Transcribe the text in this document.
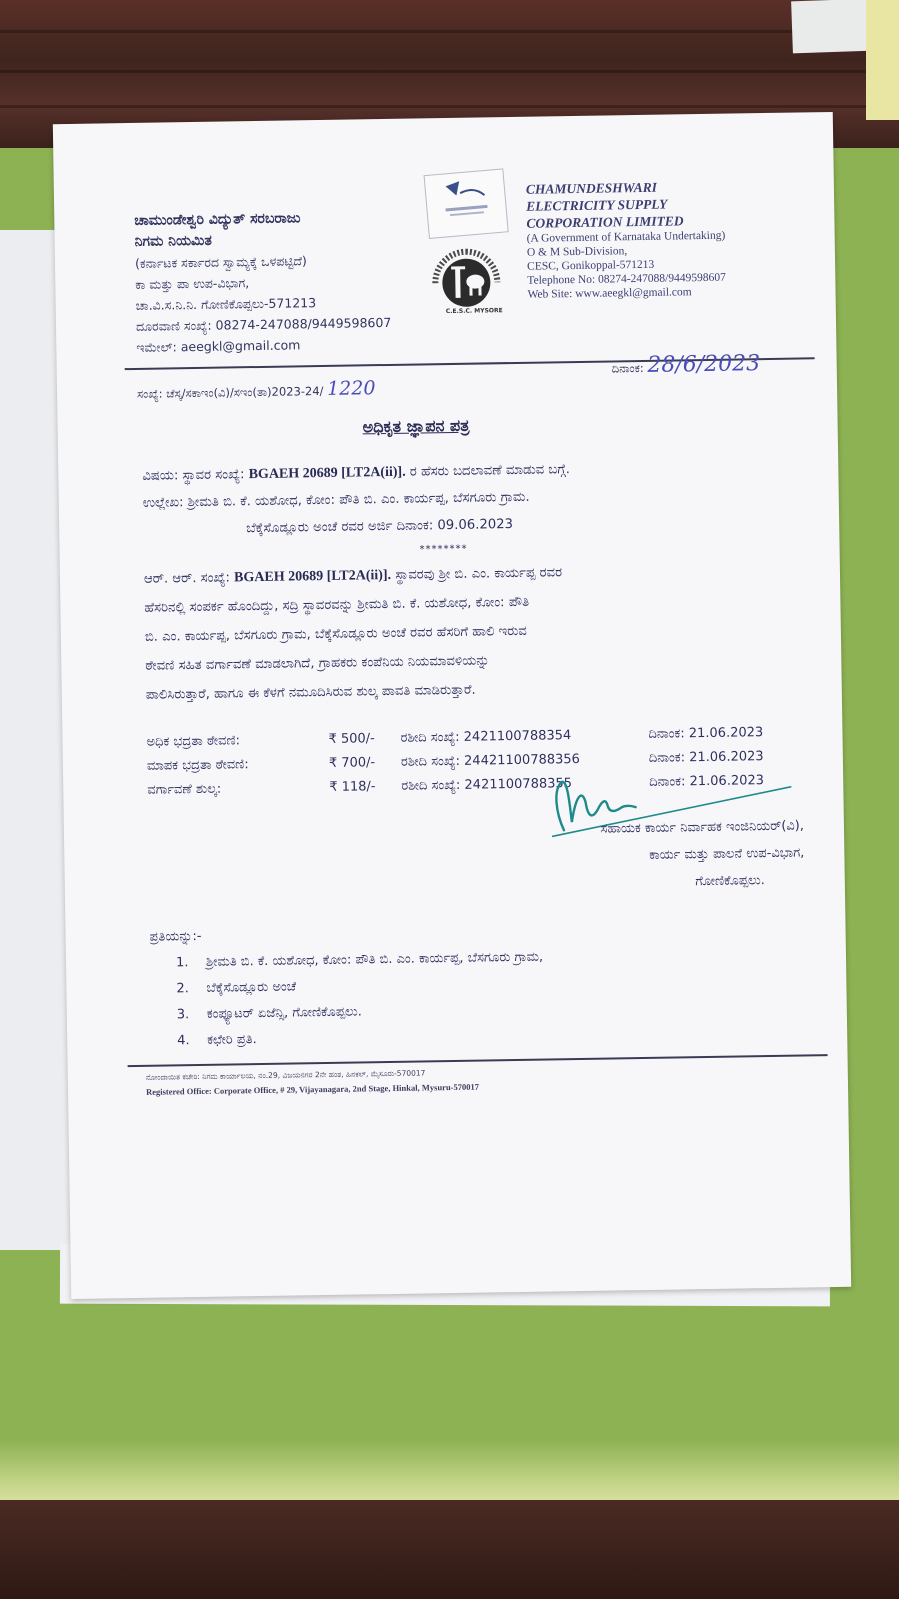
ಚಾಮುಂಡೇಶ್ವರಿ ವಿದ್ಯುತ್ ಸರಬರಾಜು
ನಿಗಮ ನಿಯಮಿತ
(ಕರ್ನಾಟಕ ಸರ್ಕಾರದ ಸ್ವಾಮ್ಯಕ್ಕೆ ಒಳಪಟ್ಟಿದೆ)
ಕಾ ಮತ್ತು ಪಾ ಉಪ-ವಿಭಾಗ,
ಚಾ.ವಿ.ಸ.ನಿ.ನಿ. ಗೋಣಿಕೊಪ್ಪಲು-571213
ದೂರವಾಣಿ ಸಂಖ್ಯೆ: 08274-247088/9449598607
ಇಮೇಲ್: aeegkl@gmail.com
C.E.S.C. MYSORE
CHAMUNDESHWARI
ELECTRICITY SUPPLY
CORPORATION LIMITED
(A Government of Karnataka Undertaking)
O & M Sub-Division,
CESC, Gonikoppal-571213
Telephone No: 08274-247088/9449598607
Web Site: www.aeegkl@gmail.com
ಸಂಖ್ಯೆ: ಚೆಸ್ಕ/ಸಕಾಇಂ(ವಿ)/ಸಇಂ(ತಾ)2023-24/ 1220
ದಿನಾಂಕ: 28/6/2023
ಅಧಿಕೃತ ಜ್ಞಾಪನ ಪತ್ರ
ವಿಷಯ: ಸ್ಥಾವರ ಸಂಖ್ಯೆ: BGAEH 20689 [LT2A(ii)]. ರ ಹೆಸರು ಬದಲಾವಣೆ ಮಾಡುವ ಬಗ್ಗೆ.
ಉಲ್ಲೇಖ: ಶ್ರೀಮತಿ ಬಿ. ಕೆ. ಯಶೋಧ, ಕೋಂ: ಪೌತಿ ಬಿ. ಎಂ. ಕಾರ್ಯಪ್ಪ, ಬೆಸಗೂರು ಗ್ರಾಮ.
ಬೆಕ್ಕೆಸೊಡ್ಲೂರು ಅಂಚೆ ರವರ ಅರ್ಜಿ ದಿನಾಂಕ: 09.06.2023
********
ಆರ್. ಆರ್. ಸಂಖ್ಯೆ: BGAEH 20689 [LT2A(ii)]. ಸ್ಥಾವರವು ಶ್ರೀ ಬಿ. ಎಂ. ಕಾರ್ಯಪ್ಪ ರವರ
ಹೆಸರಿನಲ್ಲಿ ಸಂಪರ್ಕ ಹೊಂದಿದ್ದು, ಸದ್ರಿ ಸ್ಥಾವರವನ್ನು ಶ್ರೀಮತಿ ಬಿ. ಕೆ. ಯಶೋಧ, ಕೋಂ: ಪೌತಿ
ಬಿ. ಎಂ. ಕಾರ್ಯಪ್ಪ, ಬೆಸಗೂರು ಗ್ರಾಮ, ಬೆಕ್ಕೆಸೊಡ್ಲೂರು ಅಂಚೆ ರವರ ಹೆಸರಿಗೆ ಹಾಲಿ ಇರುವ
ಠೇವಣಿ ಸಹಿತ ವರ್ಗಾವಣೆ ಮಾಡಲಾಗಿದೆ, ಗ್ರಾಹಕರು ಕಂಪೆನಿಯ ನಿಯಮಾವಳಿಯನ್ನು
ಪಾಲಿಸಿರುತ್ತಾರೆ, ಹಾಗೂ ಈ ಕೆಳಗೆ ನಮೂದಿಸಿರುವ ಶುಲ್ಕ ಪಾವತಿ ಮಾಡಿರುತ್ತಾರೆ.
ಅಧಿಕ ಭದ್ರತಾ ಠೇವಣಿ:	₹ 500/- ರಶೀದಿ ಸಂಖ್ಯೆ: 2421100788354	ದಿನಾಂಕ: 21.06.2023
ಮಾಪಕ ಭದ್ರತಾ ಠೇವಣಿ:	₹ 700/- ರಶೀದಿ ಸಂಖ್ಯೆ: 24421100788356	ದಿನಾಂಕ: 21.06.2023
ವರ್ಗಾವಣೆ ಶುಲ್ಕ:	₹ 118/- ರಶೀದಿ ಸಂಖ್ಯೆ: 2421100788355	ದಿನಾಂಕ: 21.06.2023
ಸಹಾಯಕ ಕಾರ್ಯ ನಿರ್ವಾಹಕ ಇಂಜಿನಿಯರ್(ವಿ),
ಕಾರ್ಯ ಮತ್ತು ಪಾಲನೆ ಉಪ-ವಿಭಾಗ,
ಗೋಣಿಕೊಪ್ಪಲು.
ಪ್ರತಿಯನ್ನು:-
1. ಶ್ರೀಮತಿ ಬಿ. ಕೆ. ಯಶೋಧ, ಕೋಂ: ಪೌತಿ ಬಿ. ಎಂ. ಕಾರ್ಯಪ್ಪ, ಬೆಸಗೂರು ಗ್ರಾಮ,
2. ಬೆಕ್ಕೆಸೊಡ್ಲೂರು ಅಂಚೆ
3. ಕಂಪ್ಯೂಟರ್ ಏಜೆನ್ಸಿ, ಗೋಣಿಕೊಪ್ಪಲು.
4. ಕಛೇರಿ ಪ್ರತಿ.
ನೋಂದಾಯಿತ ಕಚೇರಿ: ನಿಗಮ ಕಾರ್ಯಾಲಯ, ನಂ.29, ವಿಜಯನಗರ 2ನೇ ಹಂತ, ಹಿನಕಲ್, ಮೈಸೂರು-570017
Registered Office: Corporate Office, # 29, Vijayanagara, 2nd Stage, Hinkal, Mysuru-570017
